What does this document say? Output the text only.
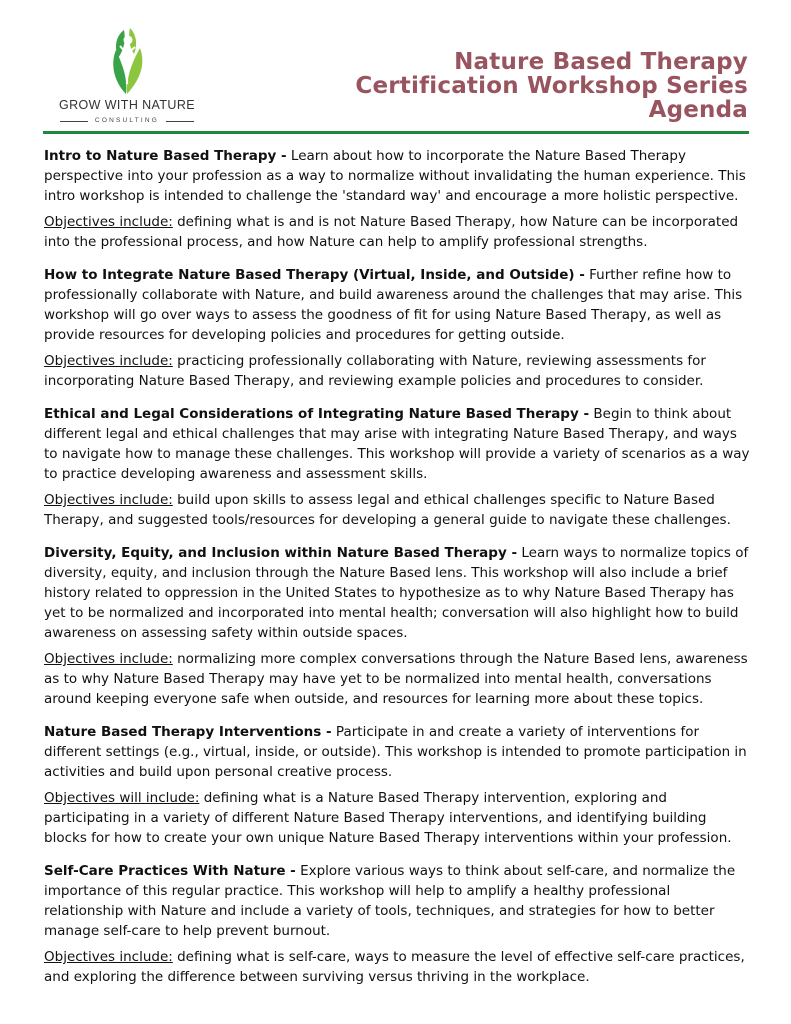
GROW WITH NATURE
CONSULTING
Nature Based Therapy
Certification Workshop Series
Agenda

Intro to Nature Based Therapy - Learn about how to incorporate the Nature Based Therapy perspective into your profession as a way to normalize without invalidating the human experience. This intro workshop is intended to challenge the 'standard way' and encourage a more holistic perspective.

Objectives include: defining what is and is not Nature Based Therapy, how Nature can be incorporated into the professional process, and how Nature can help to amplify professional strengths.

How to Integrate Nature Based Therapy (Virtual, Inside, and Outside) - Further refine how to professionally collaborate with Nature, and build awareness around the challenges that may arise. This workshop will go over ways to assess the goodness of fit for using Nature Based Therapy, as well as provide resources for developing policies and procedures for getting outside.

Objectives include: practicing professionally collaborating with Nature, reviewing assessments for incorporating Nature Based Therapy, and reviewing example policies and procedures to consider.

Ethical and Legal Considerations of Integrating Nature Based Therapy - Begin to think about different legal and ethical challenges that may arise with integrating Nature Based Therapy, and ways to navigate how to manage these challenges. This workshop will provide a variety of scenarios as a way to practice developing awareness and assessment skills.

Objectives include: build upon skills to assess legal and ethical challenges specific to Nature Based Therapy, and suggested tools/resources for developing a general guide to navigate these challenges.

Diversity, Equity, and Inclusion within Nature Based Therapy - Learn ways to normalize topics of diversity, equity, and inclusion through the Nature Based lens. This workshop will also include a brief history related to oppression in the United States to hypothesize as to why Nature Based Therapy has yet to be normalized and incorporated into mental health; conversation will also highlight how to build awareness on assessing safety within outside spaces.

Objectives include: normalizing more complex conversations through the Nature Based lens, awareness as to why Nature Based Therapy may have yet to be normalized into mental health, conversations around keeping everyone safe when outside, and resources for learning more about these topics.

Nature Based Therapy Interventions - Participate in and create a variety of interventions for different settings (e.g., virtual, inside, or outside). This workshop is intended to promote participation in activities and build upon personal creative process.

Objectives will include: defining what is a Nature Based Therapy intervention, exploring and participating in a variety of different Nature Based Therapy interventions, and identifying building blocks for how to create your own unique Nature Based Therapy interventions within your profession.

Self-Care Practices With Nature - Explore various ways to think about self-care, and normalize the importance of this regular practice. This workshop will help to amplify a healthy professional relationship with Nature and include a variety of tools, techniques, and strategies for how to better manage self-care to help prevent burnout.

Objectives include: defining what is self-care, ways to measure the level of effective self-care practices, and exploring the difference between surviving versus thriving in the workplace.
